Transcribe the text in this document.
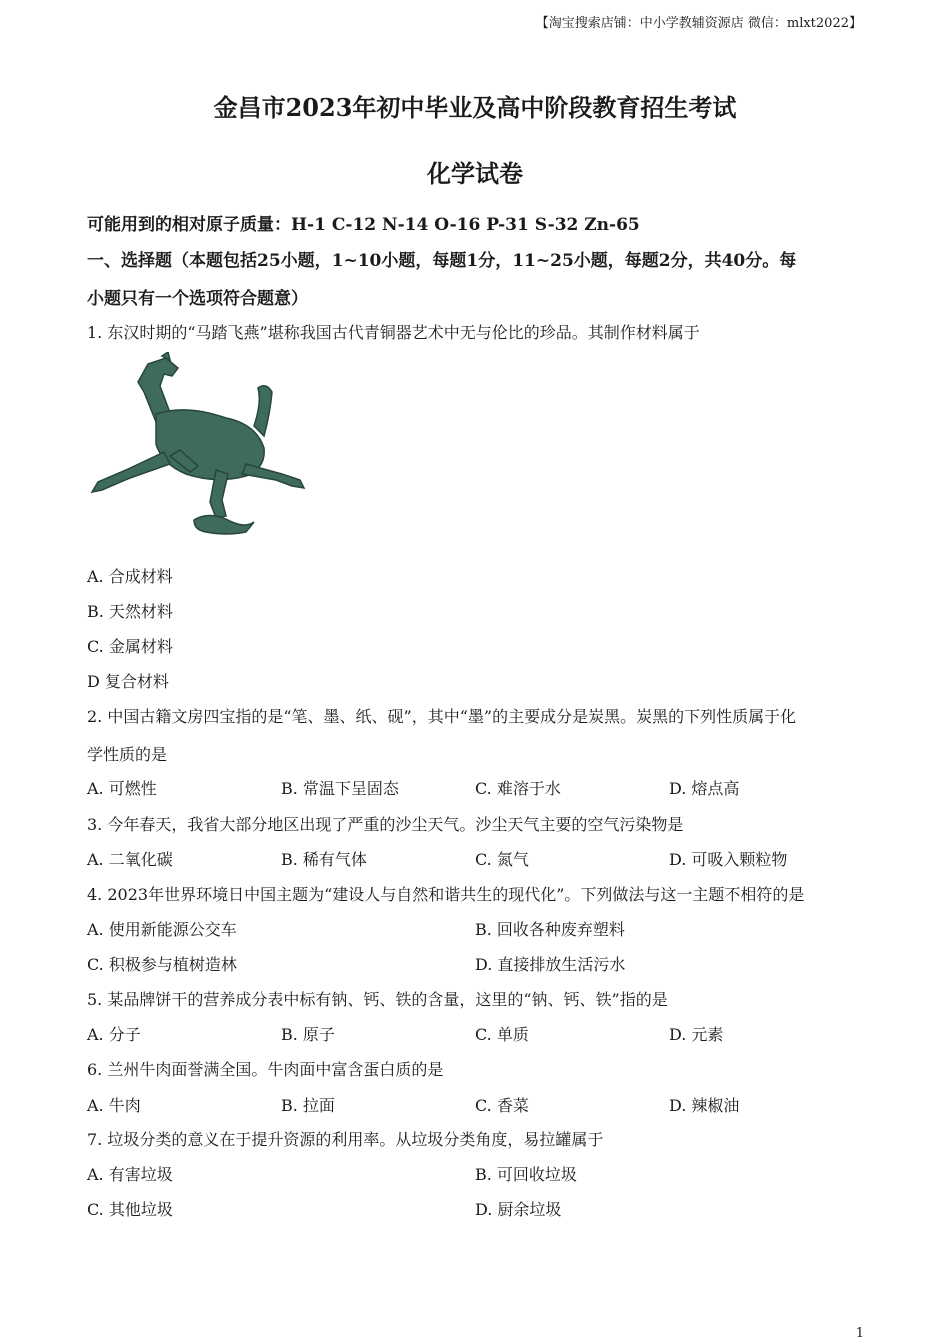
【淘宝搜索店铺：中小学教辅资源店 微信：mlxt2022】
金昌市2023年初中毕业及高中阶段教育招生考试
化学试卷
可能用到的相对原子质量：H-1 C-12 N-14 O-16 P-31 S-32 Zn-65
一、选择题（本题包括25小题，1~10小题，每题1分，11~25小题，每题2分，共40分。每
小题只有一个选项符合题意）
1. 东汉时期的“马踏飞燕”堪称我国古代青铜器艺术中无与伦比的珍品。其制作材料属于
A. 合成材料
B. 天然材料
C. 金属材料
D 复合材料
2. 中国古籍文房四宝指的是“笔、墨、纸、砚”，其中“墨”的主要成分是炭黑。炭黑的下列性质属于化
学性质的是
A. 可燃性	B. 常温下呈固态	C. 难溶于水	D. 熔点高
3. 今年春天，我省大部分地区出现了严重的沙尘天气。沙尘天气主要的空气污染物是
A. 二氧化碳	B. 稀有气体	C. 氮气	D. 可吸入颗粒物
4. 2023年世界环境日中国主题为“建设人与自然和谐共生的现代化”。下列做法与这一主题不相符的是
A. 使用新能源公交车	B. 回收各种废弃塑料
C. 积极参与植树造林	D. 直接排放生活污水
5. 某品牌饼干的营养成分表中标有钠、钙、铁的含量，这里的“钠、钙、铁”指的是
A. 分子	B. 原子	C. 单质	D. 元素
6. 兰州牛肉面誉满全国。牛肉面中富含蛋白质的是
A. 牛肉	B. 拉面	C. 香菜	D. 辣椒油
7. 垃圾分类的意义在于提升资源的利用率。从垃圾分类角度，易拉罐属于
A. 有害垃圾	B. 可回收垃圾
C. 其他垃圾	D. 厨余垃圾
1
